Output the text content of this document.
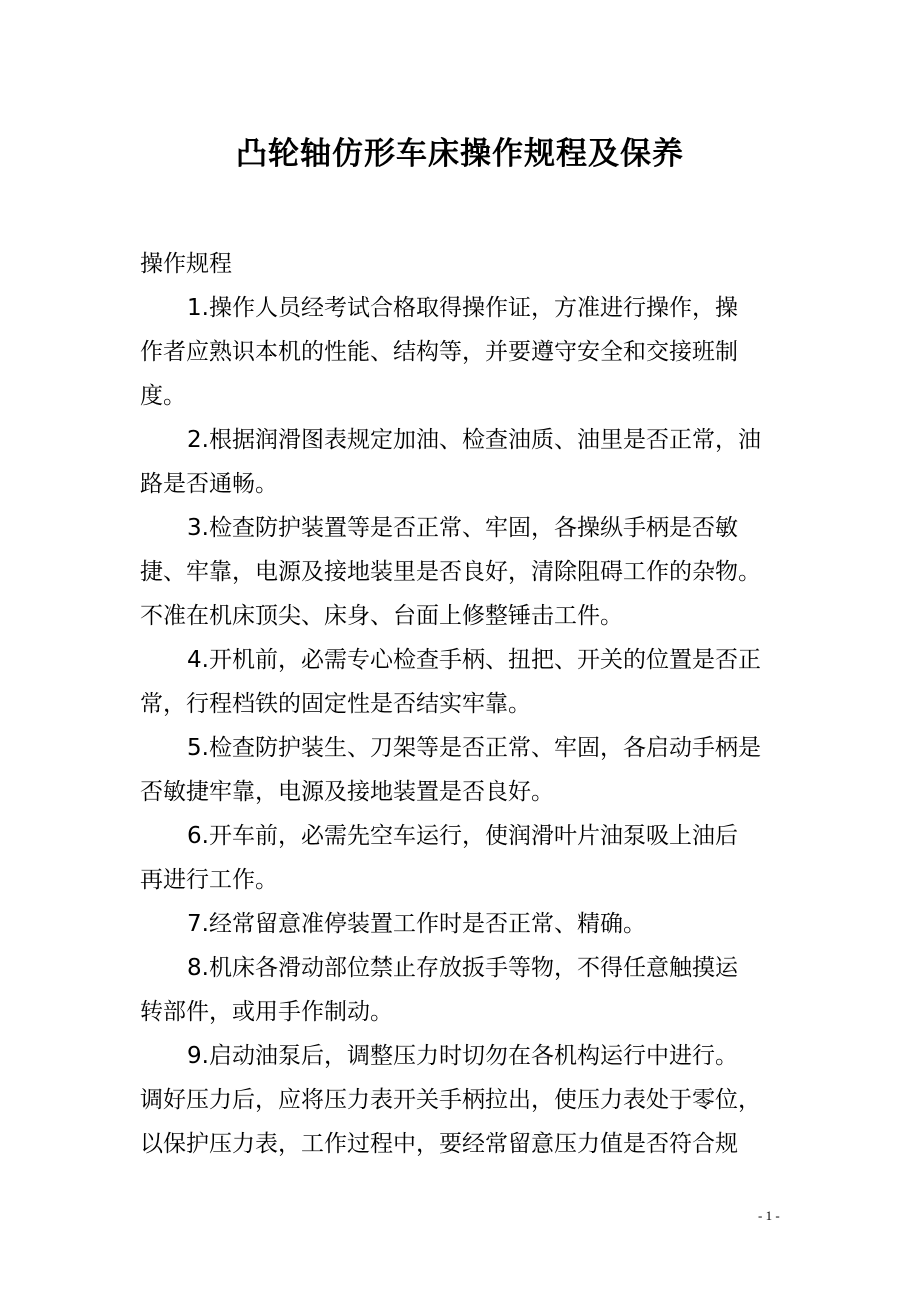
凸轮轴仿形车床操作规程及保养
操作规程
1.操作人员经考试合格取得操作证，方准进行操作，操
作者应熟识本机的性能、结构等，并要遵守安全和交接班制
度。
2.根据润滑图表规定加油、检查油质、油里是否正常，油
路是否通畅。
3.检查防护装置等是否正常、牢固，各操纵手柄是否敏
捷、牢靠，电源及接地装里是否良好，清除阻碍工作的杂物。
不准在机床顶尖、床身、台面上修整锤击工件。
4.开机前，必需专心检查手柄、扭把、开关的位置是否正
常，行程档铁的固定性是否结实牢靠。
5.检查防护装生、刀架等是否正常、牢固，各启动手柄是
否敏捷牢靠，电源及接地装置是否良好。
6.开车前，必需先空车运行，使润滑叶片油泵吸上油后
再进行工作。
7.经常留意准停装置工作时是否正常、精确。
8.机床各滑动部位禁止存放扳手等物，不得任意触摸运
转部件，或用手作制动。
9.启动油泵后，调整压力时切勿在各机构运行中进行。
调好压力后，应将压力表开关手柄拉出，使压力表处于零位，
以保护压力表，工作过程中，要经常留意压力值是否符合规
- 1 -
